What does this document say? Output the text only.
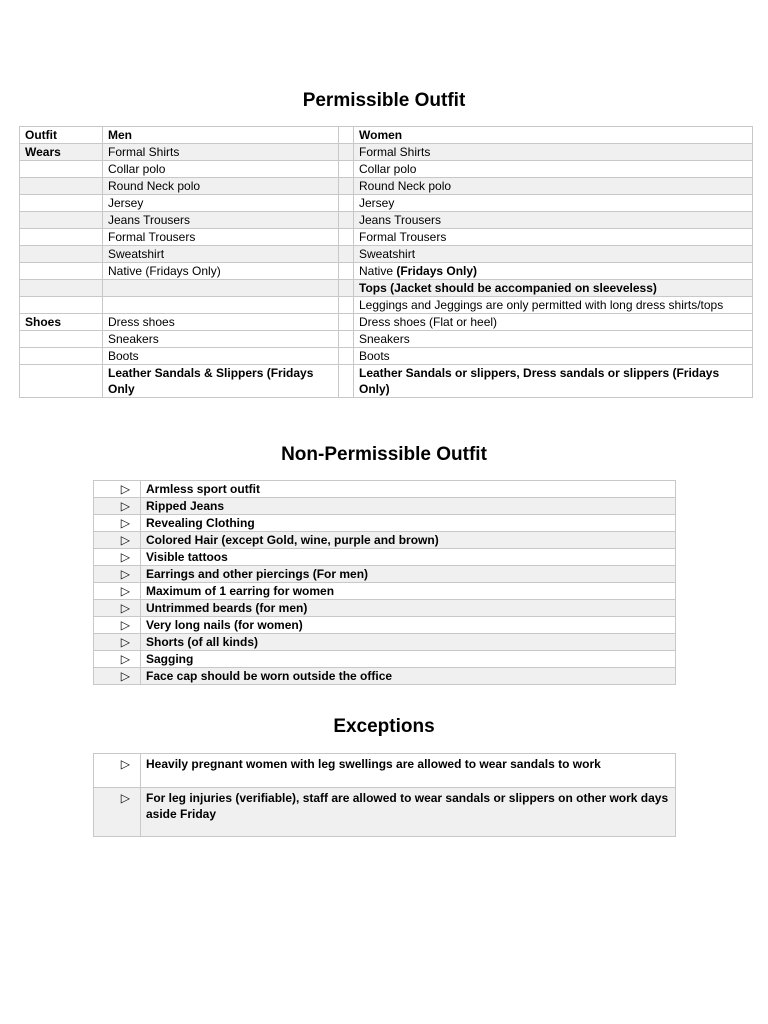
Permissible Outfit
Outfit	Men		Women
Wears	Formal Shirts		Formal Shirts
	Collar polo		Collar polo
	Round Neck polo		Round Neck polo
	Jersey		Jersey
	Jeans Trousers		Jeans Trousers
	Formal Trousers		Formal Trousers
	Sweatshirt		Sweatshirt
	Native (Fridays Only)		Native (Fridays Only)
			Tops (Jacket should be accompanied on sleeveless)
			Leggings and Jeggings are only permitted with long dress shirts/tops
Shoes	Dress shoes		Dress shoes (Flat or heel)
	Sneakers		Sneakers
	Boots		Boots
	Leather Sandals & Slippers (Fridays Only		Leather Sandals or slippers, Dress sandals or slippers (Fridays Only)
Non-Permissible Outfit
▷	Armless sport outfit
▷	Ripped Jeans
▷	Revealing Clothing
▷	Colored Hair (except Gold, wine, purple and brown)
▷	Visible tattoos
▷	Earrings and other piercings (For men)
▷	Maximum of 1 earring for women
▷	Untrimmed beards (for men)
▷	Very long nails (for women)
▷	Shorts (of all kinds)
▷	Sagging
▷	Face cap should be worn outside the office
Exceptions
▷	Heavily pregnant women with leg swellings are allowed to wear sandals to work
▷	For leg injuries (verifiable), staff are allowed to wear sandals or slippers on other work days aside Friday
